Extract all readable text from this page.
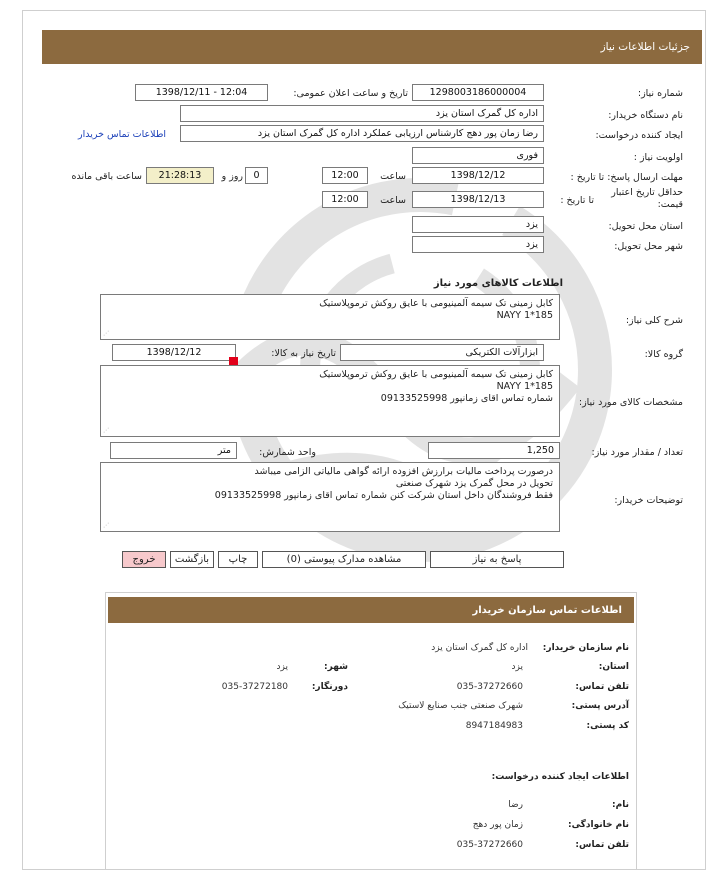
جزئیات اطلاعات نیاز
شماره نیاز:
1298003186000004
تاریخ و ساعت اعلان عمومی:
1398/12/11 - 12:04
نام دستگاه خریدار:
اداره کل گمرک استان یزد
ایجاد کننده درخواست:
رضا زمان پور دهج کارشناس ارزیابی عملکرد اداره کل گمرک استان یزد
اطلاعات تماس خریدار
اولویت نیاز :
فوری
مهلت ارسال پاسخ: تا تاریخ :
1398/12/12
ساعت
12:00
0
روز و
21:28:13
ساعت باقی مانده
حداقل تاریخ اعتبار
قیمت:
تا تاریخ :
1398/12/13
ساعت
12:00
استان محل تحویل:
یزد
شهر محل تحویل:
یزد
اطلاعات کالاهای مورد نیاز
شرح کلی نیاز:
کابل زمینی تک سیمه آلمینیومی با عایق روکش ترموپلاستیک
NAYY 1*185
⋰
گروه کالا:
ابزارآلات الکتریکی
تاریخ نیاز به کالا:
1398/12/12
مشخصات کالای مورد نیاز:
کابل زمینی تک سیمه آلمینیومی با عایق روکش ترموپلاستیک
NAYY 1*185
شماره تماس اقای زمانپور 09133525998
⋰
تعداد / مقدار مورد نیاز:
1,250
واحد شمارش:
متر
توضیحات خریدار:
درصورت پرداخت مالیات برارزش افزوده ارائه گواهی مالیاتی الزامی میباشد
تحویل در محل گمرک یزد شهرک صنعتی
فقط فروشندگان داخل استان شرکت کنن شماره تماس اقای زمانپور 09133525998
⋰
پاسخ به نیاز
مشاهده مدارک پیوستی (0)
چاپ
بازگشت
خروج
اطلاعات تماس سازمان خریدار
نام سازمان خریدار:
اداره کل گمرک استان یزد
استان:
یزد
شهر:
یزد
تلفن تماس:
035-37272660
دورنگار:
035-37272180
آدرس پستی:
شهرک صنعتی جنب صنایع لاستیک
کد پستی:
8947184983
اطلاعات ایجاد کننده درخواست:
نام:
رضا
نام خانوادگی:
زمان پور دهج
تلفن تماس:
035-37272660
